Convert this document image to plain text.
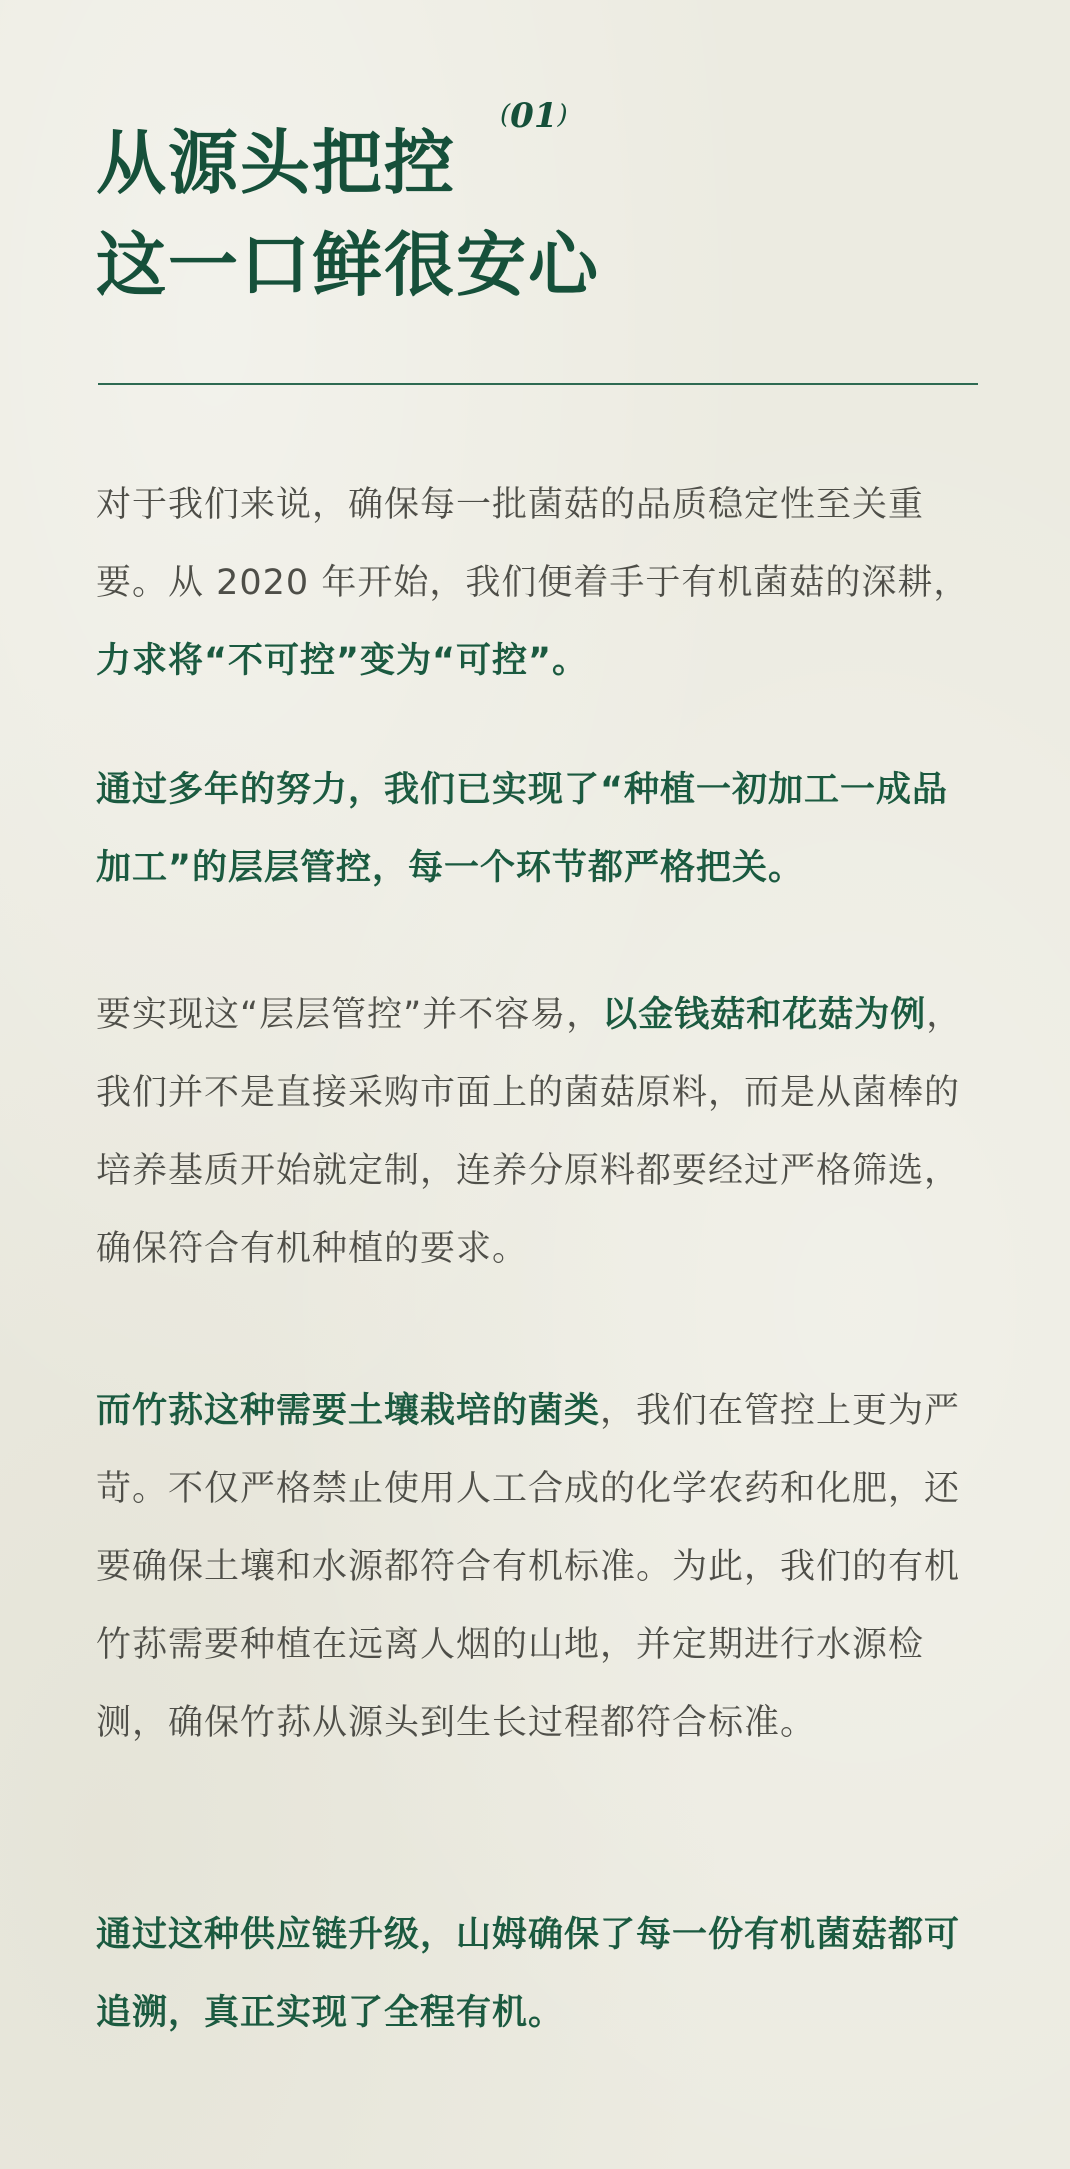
从源头把控
这一口鲜很安心
(01)

对于我们来说，确保每一批菌菇的品质稳定性至关重要。从 2020 年开始，我们便着手于有机菌菇的深耕，力求将“不可控”变为“可控”。

通过多年的努力，我们已实现了“种植一初加工一成品加工”的层层管控，每一个环节都严格把关。

要实现这“层层管控”并不容易，以金钱菇和花菇为例，我们并不是直接采购市面上的菌菇原料，而是从菌棒的培养基质开始就定制，连养分原料都要经过严格筛选，确保符合有机种植的要求。

而竹荪这种需要土壤栽培的菌类，我们在管控上更为严苛。不仅严格禁止使用人工合成的化学农药和化肥，还要确保土壤和水源都符合有机标准。为此，我们的有机竹荪需要种植在远离人烟的山地，并定期进行水源检测，确保竹荪从源头到生长过程都符合标准。

通过这种供应链升级，山姆确保了每一份有机菌菇都可追溯，真正实现了全程有机。
